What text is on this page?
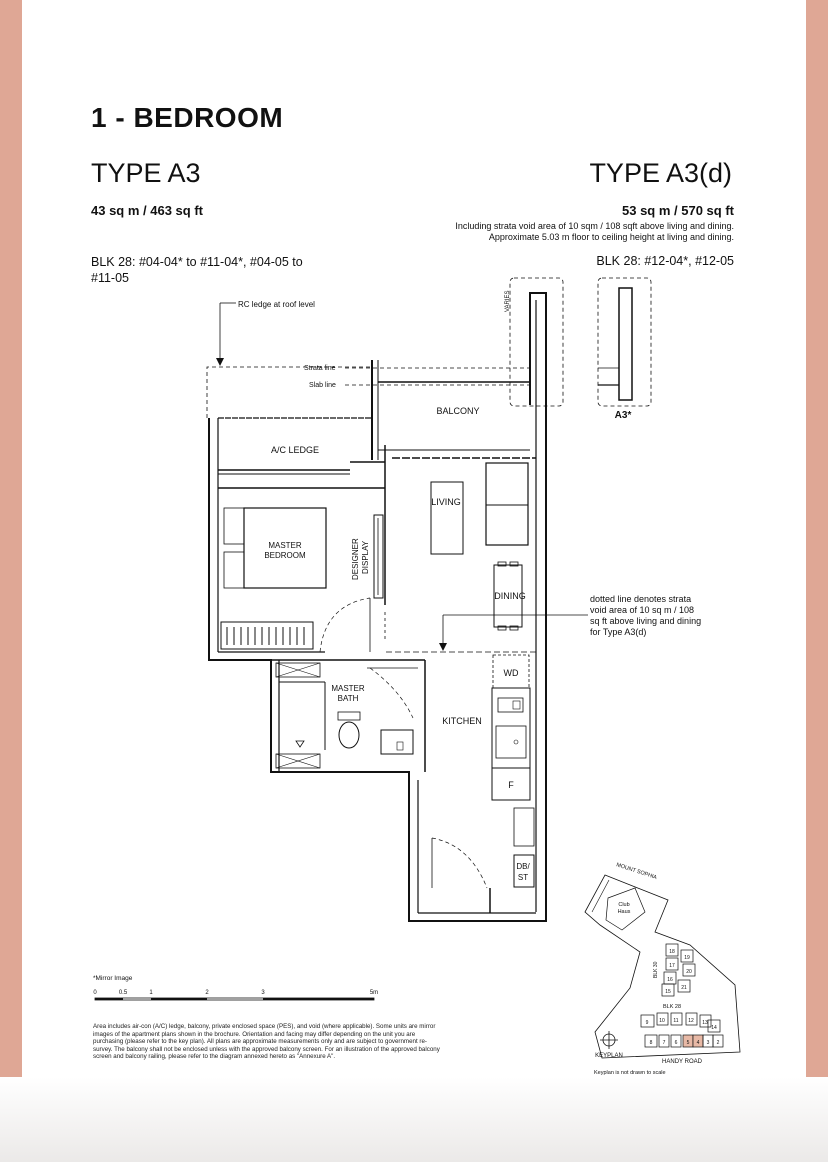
1 - BEDROOM
TYPE A3	TYPE A3(d)
43 sq m / 463 sq ft	53 sq m / 570 sq ft
Including strata void area of 10 sqm / 108 sqft above living and dining.
Approximate 5.03 m floor to ceiling height at living and dining.
BLK 28: #04-04* to #11-04*, #04-05 to #11-05
BLK 28: #12-04*, #12-05
RC ledge at roof level
Strata line
Slab line
BALCONY
VARIES
A3*
A/C LEDGE
MASTER
BEDROOM	DESIGNER DISPLAY
LIVING
DINING	dotted line denotes strata
void area of 10 sq m / 108
sq ft above living and dining
for Type A3(d)
MASTER
BATH
WD
KITCHEN
F
DB/
ST
0	0.5	1	2	3	5m
Club
Haus
MOUNT SOPHIA
18
17
19
16
20
15
21
BLK 30
BLK 28
9 10 11 12 13
14
8 7 6 5 4 3 2
HANDY ROAD
KEYPLAN
Keyplan is not drawn to scale
*Mirror Image
Area includes air-con (A/C) ledge, balcony, private enclosed space (PES), and void (where applicable). Some units are mirror images of the apartment plans shown in the brochure. Orientation and facing may differ depending on the unit you are purchasing (please refer to the key plan). All plans are approximate measurements only and are subject to government re-survey. The balcony shall not be enclosed unless with the approved balcony screen. For an illustration of the approved balcony screen and balcony railing, please refer to the diagram annexed hereto as "Annexure A".
